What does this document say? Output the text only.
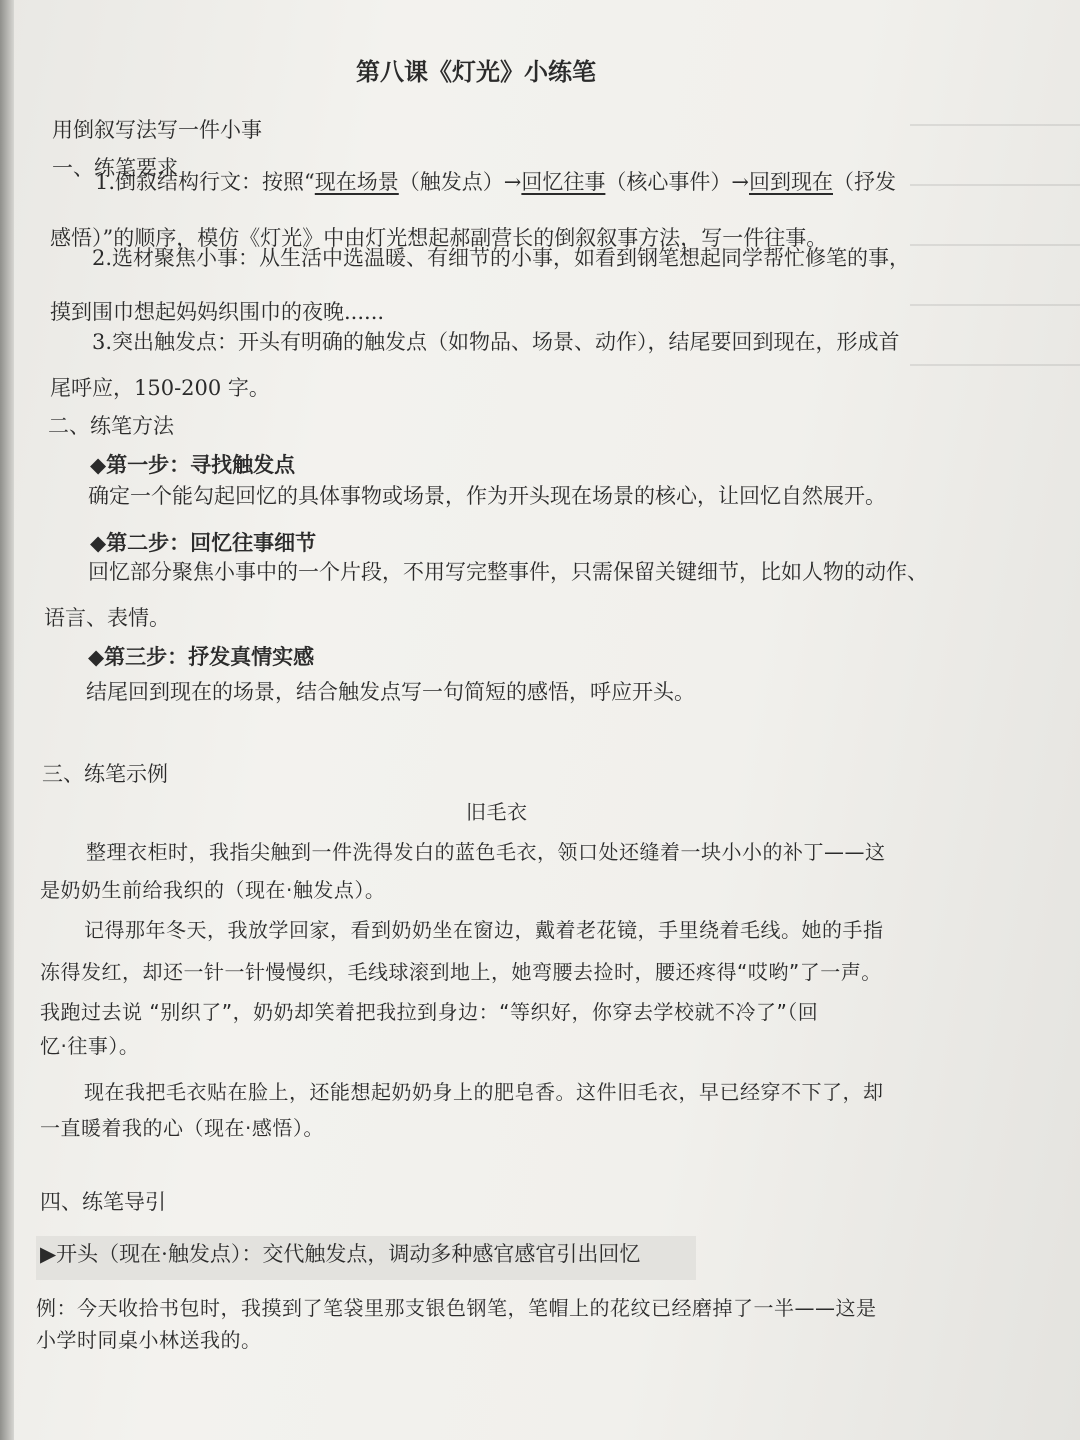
第八课《灯光》小练笔
用倒叙写法写一件小事
一、练笔要求
1.倒叙结构行文：按照“现在场景（触发点）→回忆往事（核心事件）→回到现在（抒发
感悟）”的顺序，模仿《灯光》中由灯光想起郝副营长的倒叙叙事方法，写一件往事。
2.选材聚焦小事：从生活中选温暖、有细节的小事，如看到钢笔想起同学帮忙修笔的事，
摸到围巾想起妈妈织围巾的夜晚......
3.突出触发点：开头有明确的触发点（如物品、场景、动作），结尾要回到现在，形成首
尾呼应，150-200 字。
二、练笔方法
◆第一步：寻找触发点
确定一个能勾起回忆的具体事物或场景，作为开头现在场景的核心，让回忆自然展开。
◆第二步：回忆往事细节
回忆部分聚焦小事中的一个片段，不用写完整事件，只需保留关键细节，比如人物的动作、
语言、表情。
◆第三步：抒发真情实感
结尾回到现在的场景，结合触发点写一句简短的感悟，呼应开头。
三、练笔示例
旧毛衣
整理衣柜时，我指尖触到一件洗得发白的蓝色毛衣，领口处还缝着一块小小的补丁——这
是奶奶生前给我织的（现在·触发点）。
记得那年冬天，我放学回家，看到奶奶坐在窗边，戴着老花镜，手里绕着毛线。她的手指
冻得发红，却还一针一针慢慢织，毛线球滚到地上，她弯腰去捡时，腰还疼得“哎哟”了一声。
我跑过去说 “别织了”，奶奶却笑着把我拉到身边：“等织好，你穿去学校就不冷了”（回
忆·往事）。
现在我把毛衣贴在脸上，还能想起奶奶身上的肥皂香。这件旧毛衣，早已经穿不下了，却
一直暖着我的心（现在·感悟）。
四、练笔导引
▶开头（现在·触发点）：交代触发点，调动多种感官感官引出回忆
例：今天收拾书包时，我摸到了笔袋里那支银色钢笔，笔帽上的花纹已经磨掉了一半——这是
小学时同桌小林送我的。
